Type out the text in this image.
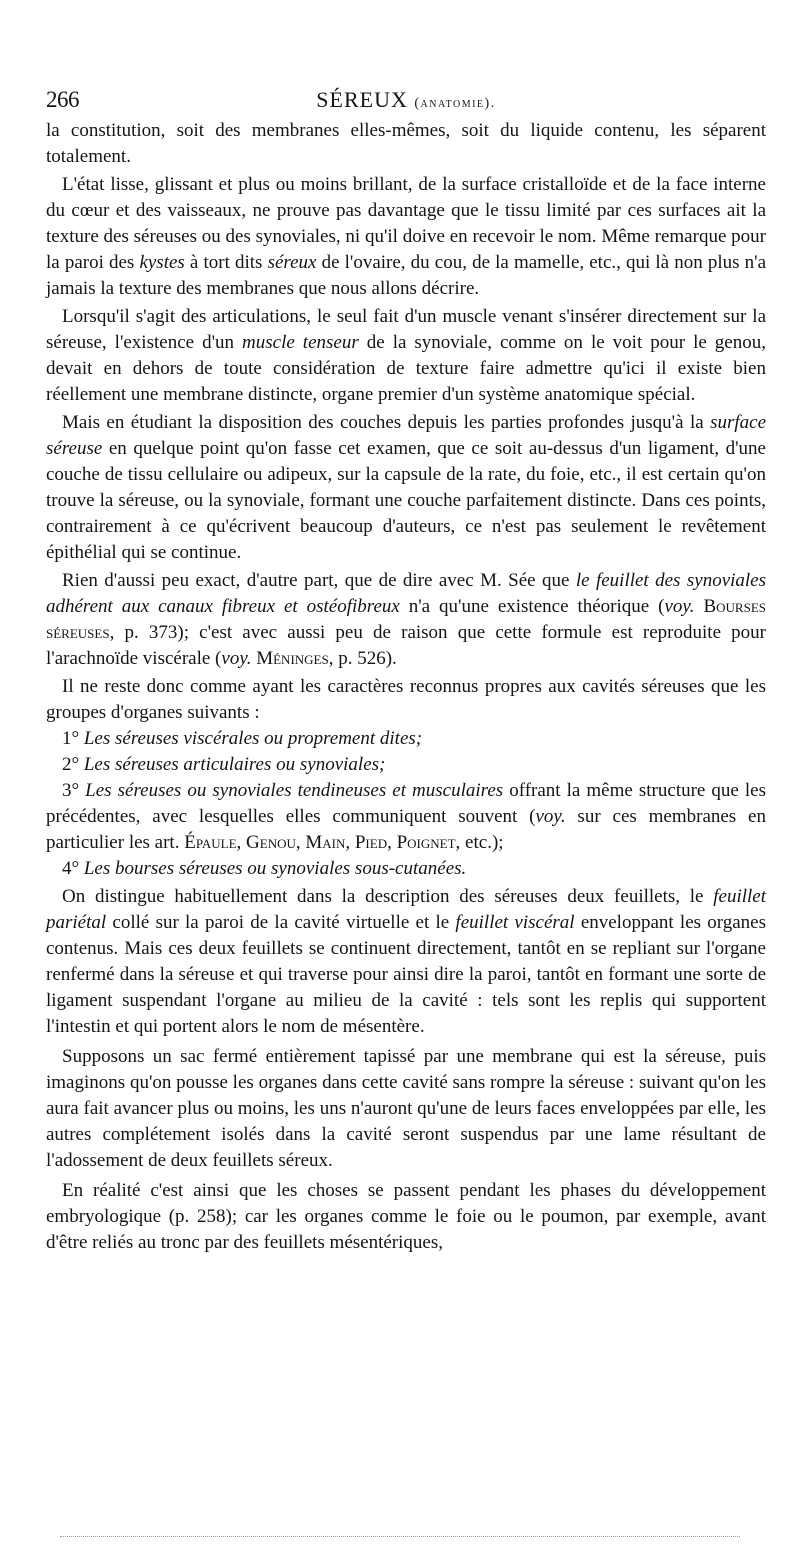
266	SÉREUX (anatomie).

la constitution, soit des membranes elles-mêmes, soit du liquide contenu, les séparent totalement.

L'état lisse, glissant et plus ou moins brillant, de la surface cristalloïde et de la face interne du cœur et des vaisseaux, ne prouve pas davantage que le tissu limité par ces surfaces ait la texture des séreuses ou des synoviales, ni qu'il doive en recevoir le nom. Même remarque pour la paroi des kystes à tort dits séreux de l'ovaire, du cou, de la mamelle, etc., qui là non plus n'a jamais la texture des membranes que nous allons décrire.

Lorsqu'il s'agit des articulations, le seul fait d'un muscle venant s'insérer directement sur la séreuse, l'existence d'un muscle tenseur de la synoviale, comme on le voit pour le genou, devait en dehors de toute considération de texture faire admettre qu'ici il existe bien réellement une membrane distincte, organe premier d'un système anatomique spécial.

Mais en étudiant la disposition des couches depuis les parties profondes jusqu'à la surface séreuse en quelque point qu'on fasse cet examen, que ce soit au-dessus d'un ligament, d'une couche de tissu cellulaire ou adipeux, sur la capsule de la rate, du foie, etc., il est certain qu'on trouve la séreuse, ou la synoviale, formant une couche parfaitement distincte. Dans ces points, contrairement à ce qu'écrivent beaucoup d'auteurs, ce n'est pas seulement le revêtement épithélial qui se continue.

Rien d'aussi peu exact, d'autre part, que de dire avec M. Sée que le feuillet des synoviales adhérent aux canaux fibreux et ostéofibreux n'a qu'une existence théorique (voy. Bourses séreuses, p. 373); c'est avec aussi peu de raison que cette formule est reproduite pour l'arachnoïde viscérale (voy. Méninges, p. 526).

Il ne reste donc comme ayant les caractères reconnus propres aux cavités séreuses que les groupes d'organes suivants :

1° Les séreuses viscérales ou proprement dites;

2° Les séreuses articulaires ou synoviales;

3° Les séreuses ou synoviales tendineuses et musculaires offrant la même structure que les précédentes, avec lesquelles elles communiquent souvent (voy. sur ces membranes en particulier les art. Épaule, Genou, Main, Pied, Poignet, etc.);

4° Les bourses séreuses ou synoviales sous-cutanées.

On distingue habituellement dans la description des séreuses deux feuillets, le feuillet pariétal collé sur la paroi de la cavité virtuelle et le feuillet viscéral enveloppant les organes contenus. Mais ces deux feuillets se continuent directement, tantôt en se repliant sur l'organe renfermé dans la séreuse et qui traverse pour ainsi dire la paroi, tantôt en formant une sorte de ligament suspendant l'organe au milieu de la cavité : tels sont les replis qui supportent l'intestin et qui portent alors le nom de mésentère.

Supposons un sac fermé entièrement tapissé par une membrane qui est la séreuse, puis imaginons qu'on pousse les organes dans cette cavité sans rompre la séreuse : suivant qu'on les aura fait avancer plus ou moins, les uns n'auront qu'une de leurs faces enveloppées par elle, les autres complétement isolés dans la cavité seront suspendus par une lame résultant de l'adossement de deux feuillets séreux.

En réalité c'est ainsi que les choses se passent pendant les phases du développement embryologique (p. 258); car les organes comme le foie ou le poumon, par exemple, avant d'être reliés au tronc par des feuillets mésentériques,
